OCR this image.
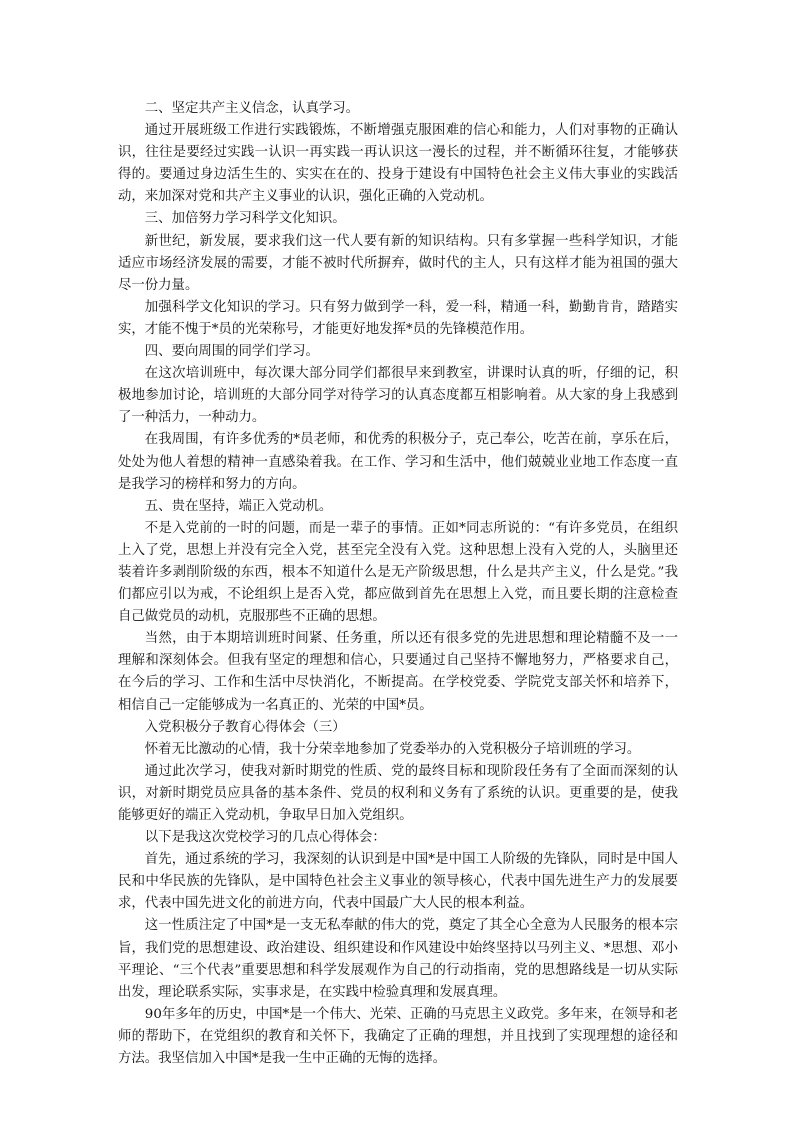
二、坚定共产主义信念，认真学习。

通过开展班级工作进行实践锻炼，不断增强克服困难的信心和能力，人们对事物的正确认识，往往是要经过实践一认识一再实践一再认识这一漫长的过程，并不断循环往复，才能够获得的。要通过身边活生生的、实实在在的、投身于建设有中国特色社会主义伟大事业的实践活动，来加深对党和共产主义事业的认识，强化正确的入党动机。

三、加倍努力学习科学文化知识。

新世纪，新发展，要求我们这一代人要有新的知识结构。只有多掌握一些科学知识，才能适应市场经济发展的需要，才能不被时代所摒弃，做时代的主人，只有这样才能为祖国的强大尽一份力量。

加强科学文化知识的学习。只有努力做到学一科，爱一科，精通一科，勤勤肯肯，踏踏实实，才能不愧于*员的光荣称号，才能更好地发挥*员的先锋模范作用。

四、要向周围的同学们学习。

在这次培训班中，每次课大部分同学们都很早来到教室，讲课时认真的听，仔细的记，积极地参加讨论，培训班的大部分同学对待学习的认真态度都互相影响着。从大家的身上我感到了一种活力，一种动力。

在我周围，有许多优秀的*员老师，和优秀的积极分子，克己奉公，吃苦在前，享乐在后，处处为他人着想的精神一直感染着我。在工作、学习和生活中，他们兢兢业业地工作态度一直是我学习的榜样和努力的方向。

五、贵在坚持，端正入党动机。

不是入党前的一时的问题，而是一辈子的事情。正如*同志所说的：“有许多党员，在组织上入了党，思想上并没有完全入党，甚至完全没有入党。这种思想上没有入党的人，头脑里还装着许多剥削阶级的东西，根本不知道什么是无产阶级思想，什么是共产主义，什么是党。”我们都应引以为戒，不论组织上是否入党，都应做到首先在思想上入党，而且要长期的注意检查自己做党员的动机，克服那些不正确的思想。

当然，由于本期培训班时间紧、任务重，所以还有很多党的先进思想和理论精髓不及一一理解和深刻体会。但我有坚定的理想和信心，只要通过自己坚持不懈地努力，严格要求自己，在今后的学习、工作和生活中尽快消化，不断提高。在学校党委、学院党支部关怀和培养下，相信自己一定能够成为一名真正的、光荣的中国*员。

入党积极分子教育心得体会（三）

怀着无比激动的心情，我十分荣幸地参加了党委举办的入党积极分子培训班的学习。

通过此次学习，使我对新时期党的性质、党的最终目标和现阶段任务有了全面而深刻的认识，对新时期党员应具备的基本条件、党员的权利和义务有了系统的认识。更重要的是，使我能够更好的端正入党动机，争取早日加入党组织。

以下是我这次党校学习的几点心得体会：

首先，通过系统的学习，我深刻的认识到是中国*是中国工人阶级的先锋队，同时是中国人民和中华民族的先锋队，是中国特色社会主义事业的领导核心，代表中国先进生产力的发展要求，代表中国先进文化的前进方向，代表中国最广大人民的根本利益。

这一性质注定了中国*是一支无私奉献的伟大的党，奠定了其全心全意为人民服务的根本宗旨，我们党的思想建设、政治建设、组织建设和作风建设中始终坚持以马列主义、*思想、邓小平理论、“三个代表”重要思想和科学发展观作为自己的行动指南，党的思想路线是一切从实际出发，理论联系实际，实事求是，在实践中检验真理和发展真理。

90年多年的历史，中国*是一个伟大、光荣、正确的马克思主义政党。多年来，在领导和老师的帮助下，在党组织的教育和关怀下，我确定了正确的理想，并且找到了实现理想的途径和方法。我坚信加入中国*是我一生中正确的无悔的选择。
